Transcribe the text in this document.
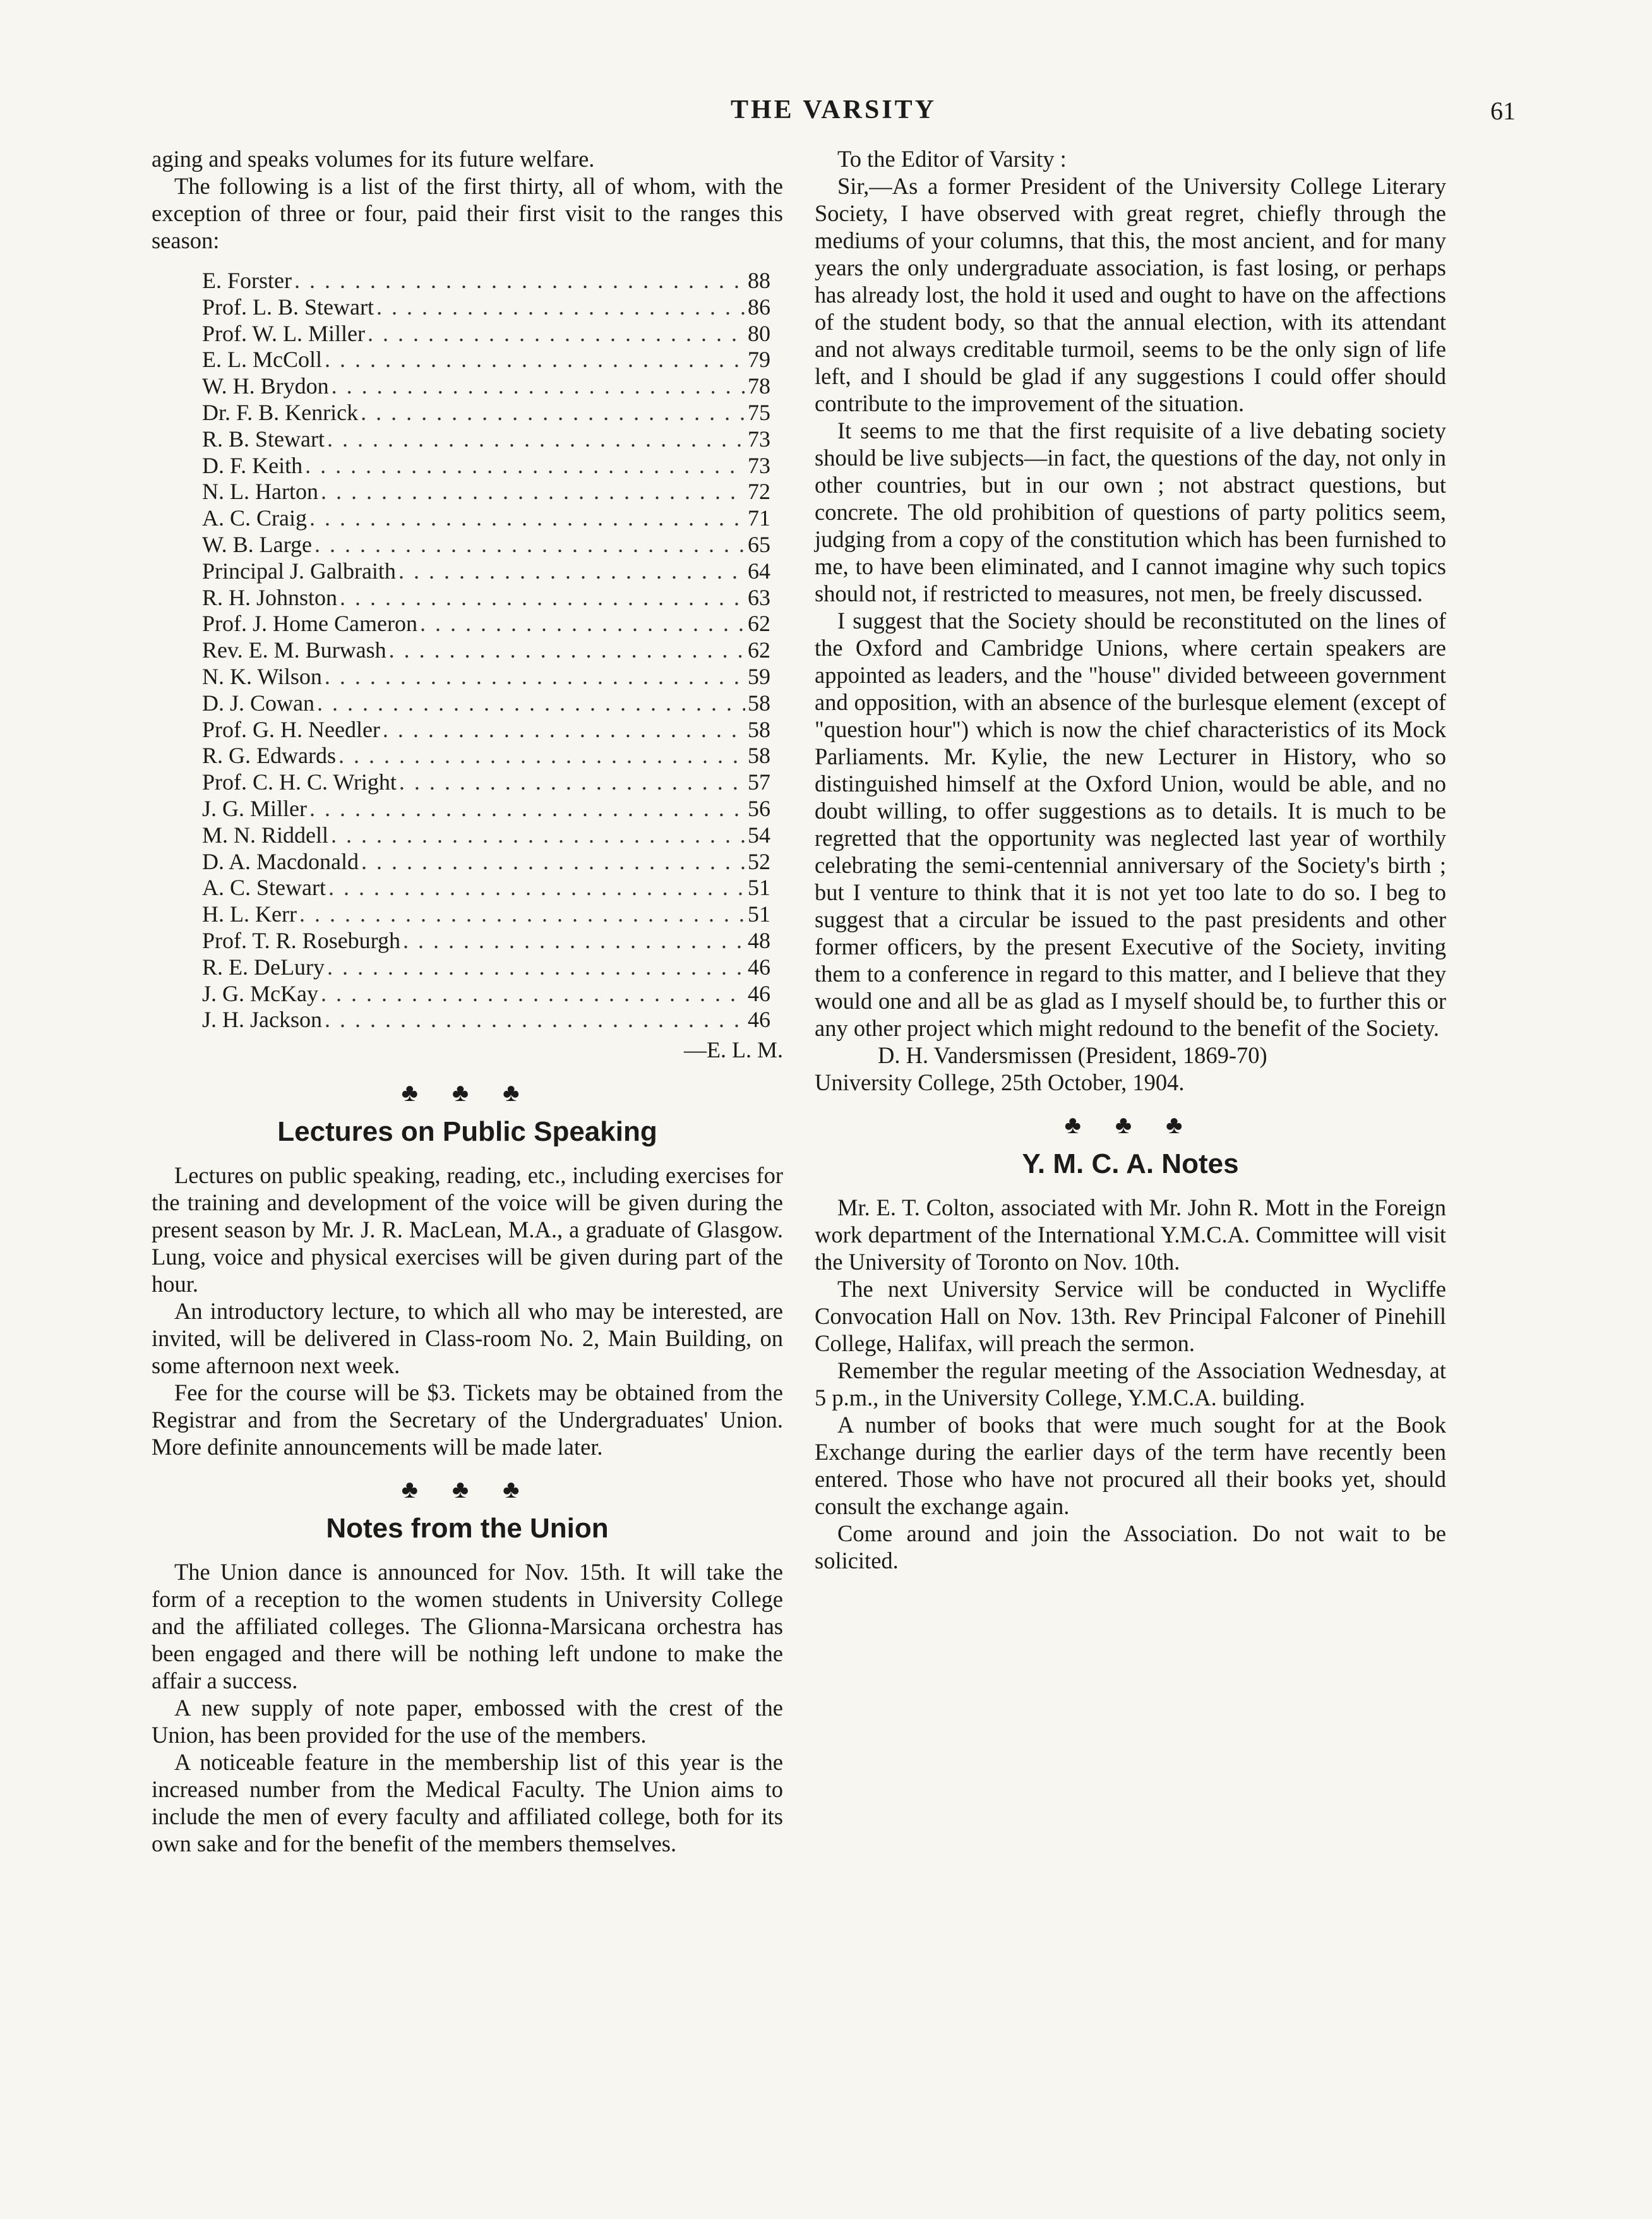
THE VARSITY	61

aging and speaks volumes for its future welfare.

The following is a list of the first thirty, all of whom, with the exception of three or four, paid their first visit to the ranges this season:

E. Forster . . .	88
Prof. L. B. Stewart . . .	86
Prof. W. L. Miller . . .	80
E. L. McColl . . .	79
W. H. Brydon . . .	78
Dr. F. B. Kenrick . . .	75
R. B. Stewart . . .	73
D. F. Keith . . .	73
N. L. Harton . . .	72
A. C. Craig . . .	71
W. B. Large . . .	65
Principal J. Galbraith . . .	64
R. H. Johnston . . .	63
Prof. J. Home Cameron . . .	62
Rev. E. M. Burwash . . .	62
N. K. Wilson . . .	59
D. J. Cowan . . .	58
Prof. G. H. Needler . . .	58
R. G. Edwards . . .	58
Prof. C. H. C. Wright . . .	57
J. G. Miller . . .	56
M. N. Riddell . . .	54
D. A. Macdonald . . .	52
A. C. Stewart . . .	51
H. L. Kerr . . .	51
Prof. T. R. Roseburgh . . .	48
R. E. DeLury . . .	46
J. G. McKay . . .	46
J. H. Jackson . . .	46
—E. L. M.
♣ ♣ ♣
Lectures on Public Speaking

Lectures on public speaking, reading, etc., including exercises for the training and development of the voice will be given during the present season by Mr. J. R. MacLean, M.A., a graduate of Glasgow. Lung, voice and physical exercises will be given during part of the hour.

An introductory lecture, to which all who may be interested, are invited, will be delivered in Class-room No. 2, Main Building, on some afternoon next week.

Fee for the course will be $3. Tickets may be obtained from the Registrar and from the Secretary of the Undergraduates' Union. More definite announcements will be made later.

♣ ♣ ♣
Notes from the Union

The Union dance is announced for Nov. 15th. It will take the form of a reception to the women students in University College and the affiliated colleges. The Glionna-Marsicana orchestra has been engaged and there will be nothing left undone to make the affair a success.

A new supply of note paper, embossed with the crest of the Union, has been provided for the use of the members.

A noticeable feature in the membership list of this year is the increased number from the Medical Faculty. The Union aims to include the men of every faculty and affiliated college, both for its own sake and for the benefit of the members themselves.

To the Editor of Varsity :

Sir,—As a former President of the University College Literary Society, I have observed with great regret, chiefly through the mediums of your columns, that this, the most ancient, and for many years the only undergraduate association, is fast losing, or perhaps has already lost, the hold it used and ought to have on the affections of the student body, so that the annual election, with its attendant and not always creditable turmoil, seems to be the only sign of life left, and I should be glad if any suggestions I could offer should contribute to the improvement of the situation.

It seems to me that the first requisite of a live debating society should be live subjects—in fact, the questions of the day, not only in other countries, but in our own ; not abstract questions, but concrete. The old prohibition of questions of party politics seem, judging from a copy of the constitution which has been furnished to me, to have been eliminated, and I cannot imagine why such topics should not, if restricted to measures, not men, be freely discussed.

I suggest that the Society should be reconstituted on the lines of the Oxford and Cambridge Unions, where certain speakers are appointed as leaders, and the "house" divided betweeen government and opposition, with an absence of the burlesque element (except of "question hour") which is now the chief characteristics of its Mock Parliaments. Mr. Kylie, the new Lecturer in History, who so distinguished himself at the Oxford Union, would be able, and no doubt willing, to offer suggestions as to details. It is much to be regretted that the opportunity was neglected last year of worthily celebrating the semi-centennial anniversary of the Society's birth ; but I venture to think that it is not yet too late to do so. I beg to suggest that a circular be issued to the past presidents and other former officers, by the present Executive of the Society, inviting them to a conference in regard to this matter, and I believe that they would one and all be as glad as I myself should be, to further this or any other project which might redound to the benefit of the Society.

D. H. Vandersmissen (President, 1869-70)

University College, 25th October, 1904.

♣ ♣ ♣
Y. M. C. A. Notes

Mr. E. T. Colton, associated with Mr. John R. Mott in the Foreign work department of the International Y.M.C.A. Committee will visit the University of Toronto on Nov. 10th.

The next University Service will be conducted in Wycliffe Convocation Hall on Nov. 13th. Rev Principal Falconer of Pinehill College, Halifax, will preach the sermon.

Remember the regular meeting of the Association Wednesday, at 5 p.m., in the University College, Y.M.C.A. building.

A number of books that were much sought for at the Book Exchange during the earlier days of the term have recently been entered. Those who have not procured all their books yet, should consult the exchange again.

Come around and join the Association. Do not wait to be solicited.
